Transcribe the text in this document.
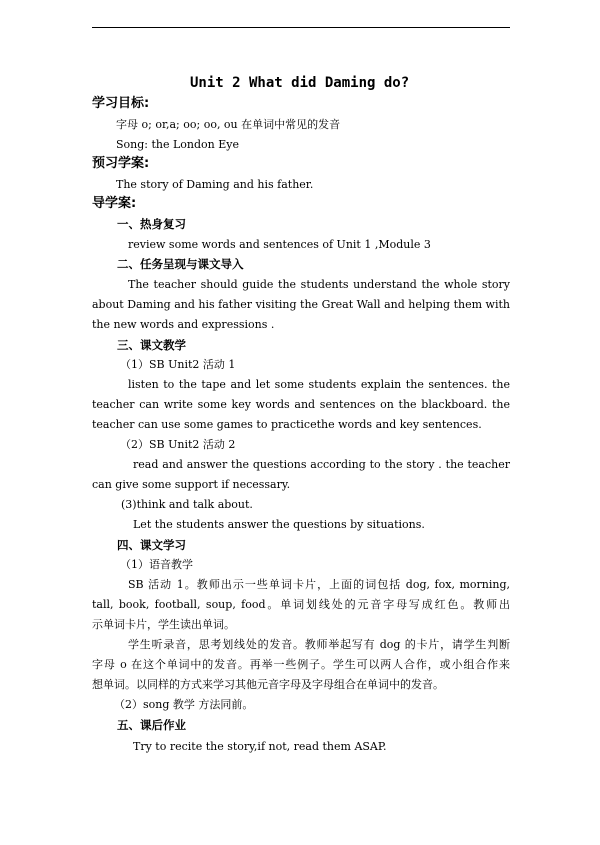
Unit 2 What did Daming do?
学习目标:
字母 o; or,a; oo; oo, ou 在单词中常见的发音
Song: the London Eye
预习学案:
The story of Daming and his father.
导学案:
一、热身复习
review some words and sentences of Unit 1 ,Module 3
二、任务呈现与课文导入
The teacher should guide the students understand the whole story
about Daming and his father visiting the Great Wall and helping them with
the new words and expressions .
三、课文教学
（1）SB Unit2 活动 1
listen to the tape and let some students explain the sentences. the
teacher can write some key words and sentences on the blackboard. the
teacher can use some games to practicethe words and key sentences.
（2）SB Unit2 活动 2
read and answer the questions according to the story . the teacher
can give some support if necessary.
(3)think and talk about.
Let the students answer the questions by situations.
四、课文学习
（1）语音教学
SB 活动 1。教师出示一些单词卡片，上面的词包括 dog, fox, morning,
tall, book, football, soup, food。单词划线处的元音字母写成红色。教师出
示单词卡片，学生读出单词。
学生听录音，思考划线处的发音。教师举起写有 dog 的卡片，请学生判断
字母 o 在这个单词中的发音。再举一些例子。学生可以两人合作，或小组合作来
想单词。以同样的方式来学习其他元音字母及字母组合在单词中的发音。
（2）song 教学 方法同前。
五、课后作业
Try to recite the story,if not, read them ASAP.
